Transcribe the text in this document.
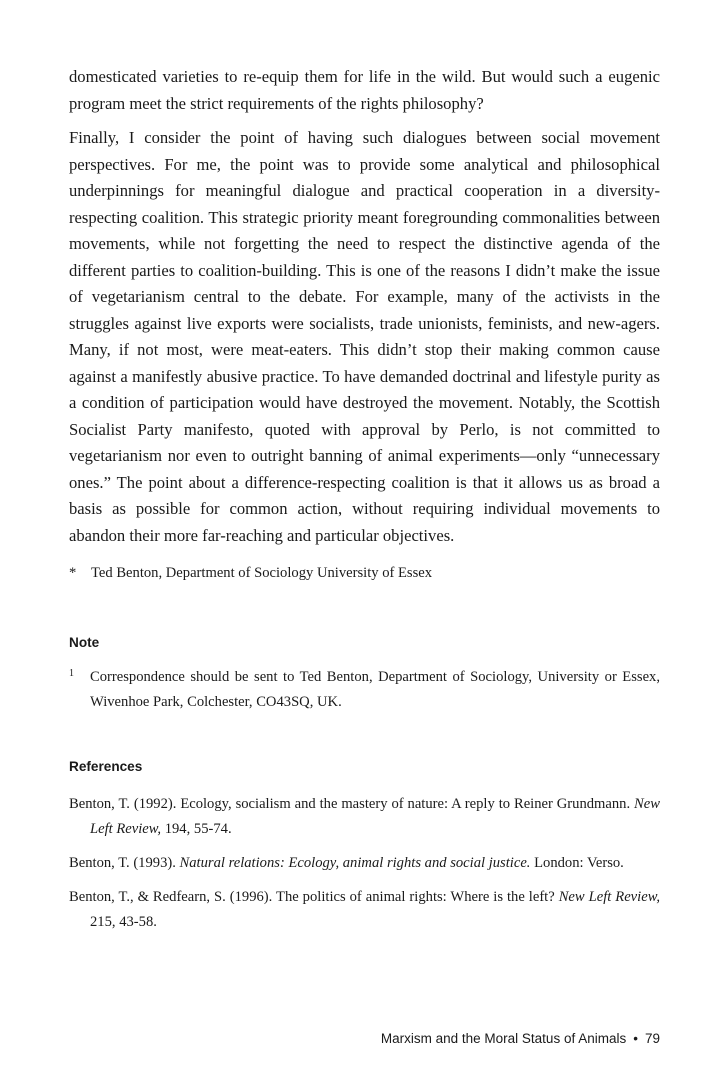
domesticated varieties to re-equip them for life in the wild. But would such a eugenic program meet the strict requirements of the rights philosophy?

Finally, I consider the point of having such dialogues between social movement perspectives. For me, the point was to provide some analytical and philosophical underpinnings for meaningful dialogue and practical cooperation in a diversity-respecting coalition. This strategic priority meant foregrounding commonalities between movements, while not forgetting the need to respect the distinctive agenda of the different parties to coalition-building. This is one of the reasons I didn’t make the issue of vegetarianism central to the debate. For example, many of the activists in the struggles against live exports were socialists, trade unionists, feminists, and new-agers. Many, if not most, were meat-eaters. This didn’t stop their making common cause against a manifestly abusive practice. To have demanded doctrinal and lifestyle purity as a condition of participation would have destroyed the movement. Notably, the Scottish Socialist Party manifesto, quoted with approval by Perlo, is not committed to vegetarianism nor even to outright banning of animal experiments—only “unnecessary ones.” The point about a difference-respecting coalition is that it allows us as broad a basis as possible for common action, without requiring individual movements to abandon their more far-reaching and particular objectives.

*	Ted Benton, Department of Sociology University of Essex
Note
1	Correspondence should be sent to Ted Benton, Department of Sociology, University or Essex, Wivenhoe Park, Colchester, CO43SQ, UK.
References

Benton, T. (1992). Ecology, socialism and the mastery of nature: A reply to Reiner Grundmann. New Left Review, 194, 55-74.

Benton, T. (1993). Natural relations: Ecology, animal rights and social justice. London: Verso.

Benton, T., & Redfearn, S. (1996). The politics of animal rights: Where is the left? New Left Review, 215, 43-58.

Marxism and the Moral Status of Animals • 79
